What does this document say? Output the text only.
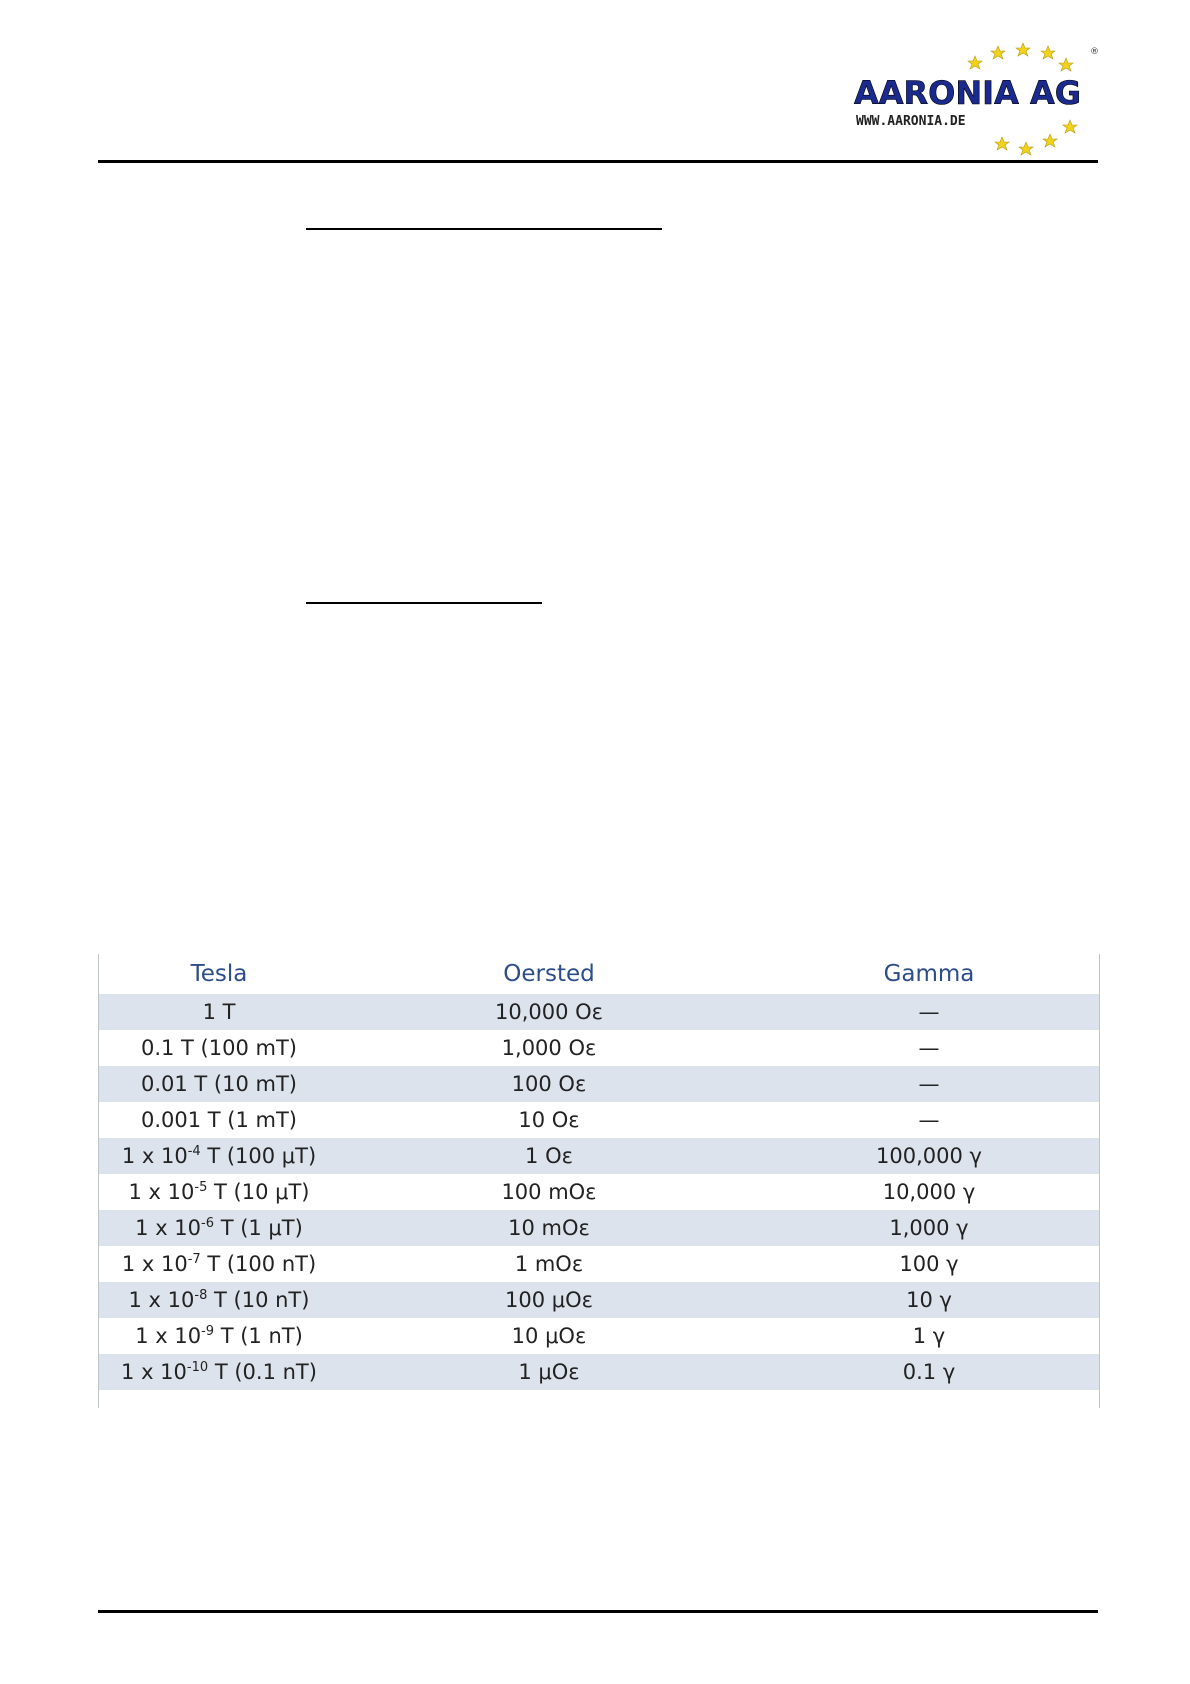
®
AARONIA AG
WWW.AARONIA.DE
Tesla	Oersted	Gamma
1 T	10,000 Oε	—
0.1 T (100 mT)	1,000 Oε	—
0.01 T (10 mT)	100 Oε	—
0.001 T (1 mT)	10 Oε	—
1 x $10^{-4}$ T (100 μT)	1 Oε	100,000 γ
1 x $10^{-5}$ T (10 μT)	100 mOε	10,000 γ
1 x $10^{-6}$ T (1 μT)	10 mOε	1,000 γ
1 x $10^{-7}$ T (100 nT)	1 mOε	100 γ
1 x $10^{-8}$ T (10 nT)	100 μOε	10 γ
1 x $10^{-9}$ T (1 nT)	10 μOε	1 γ
1 x $10^{-10}$ T (0.1 nT)	1 μOε	0.1 γ
